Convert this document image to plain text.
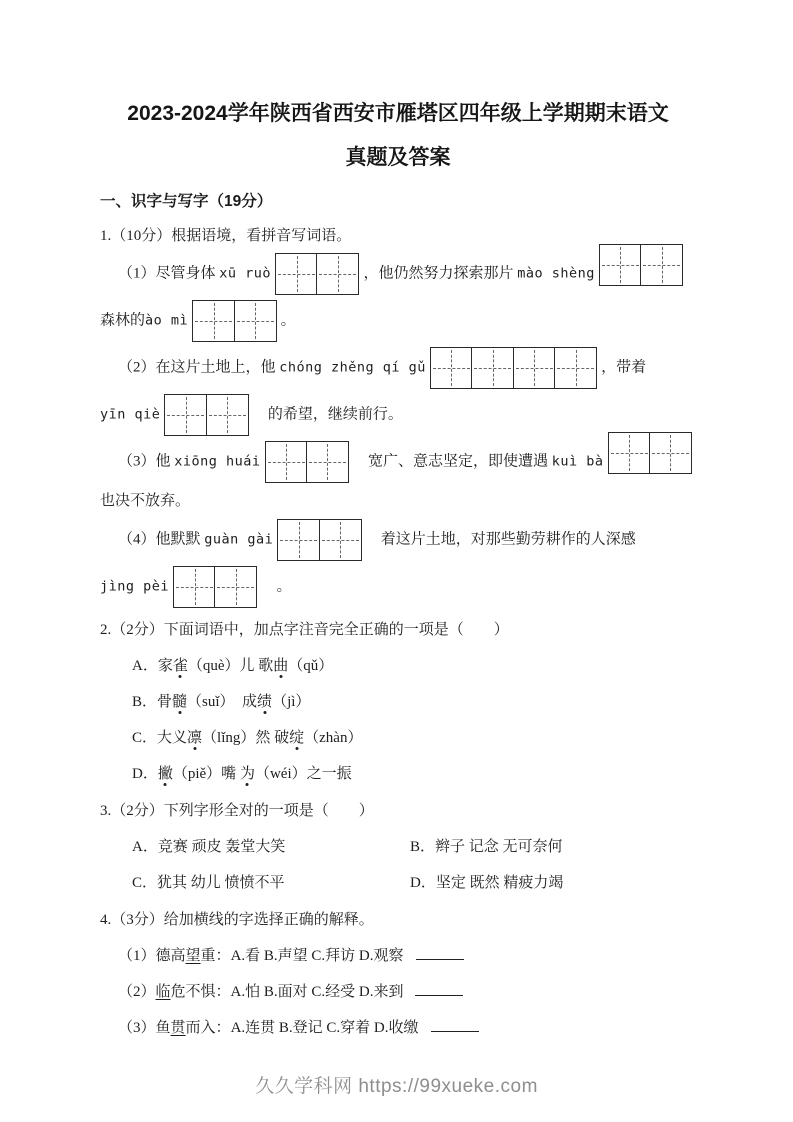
2023-2024学年陕西省西安市雁塔区四年级上学期期末语文
真题及答案
一、识字与写字（19分）

1.（10分）根据语境，看拼音写词语。

（1）尽管身体 xū ruò	，他仍然努力探索那片 mào shèng
森林的ào mì	。
（2）在这片土地上，他 chóng zhěng qí gǔ	，带着
yīn qiè	　的希望，继续前行。
（3）他 xiōng huái	　宽广、意志坚定，即使遭遇 kuì bà
也决不放弃。
（4）他默默 guàn gài	　着这片土地，对那些勤劳耕作的人深感
jìng pèi	　。

2.（2分）下面词语中，加点字注音完全正确的一项是（　　）

A．家雀（què）儿 歌曲（qǔ）
B．骨髓（suǐ）　成绩（jì）
C．大义凛（lǐng）然 破绽（zhàn）
D．撇（piě）嘴 为（wéi）之一振

3.（2分）下列字形全对的一项是（　　）

A．竞赛 顽皮 轰堂大笑	B．辫子 记念 无可奈何
C．犹其 幼儿 愤愤不平	D．坚定 既然 精疲力竭

4.（3分）给加横线的字选择正确的解释。

（1）德高望重：A.看 B.声望 C.拜访 D.观察
（2）临危不惧：A.怕 B.面对 C.经受 D.来到
（3）鱼贯而入：A.连贯 B.登记 C.穿着 D.收缴
久久学科网 https://99xueke.com
